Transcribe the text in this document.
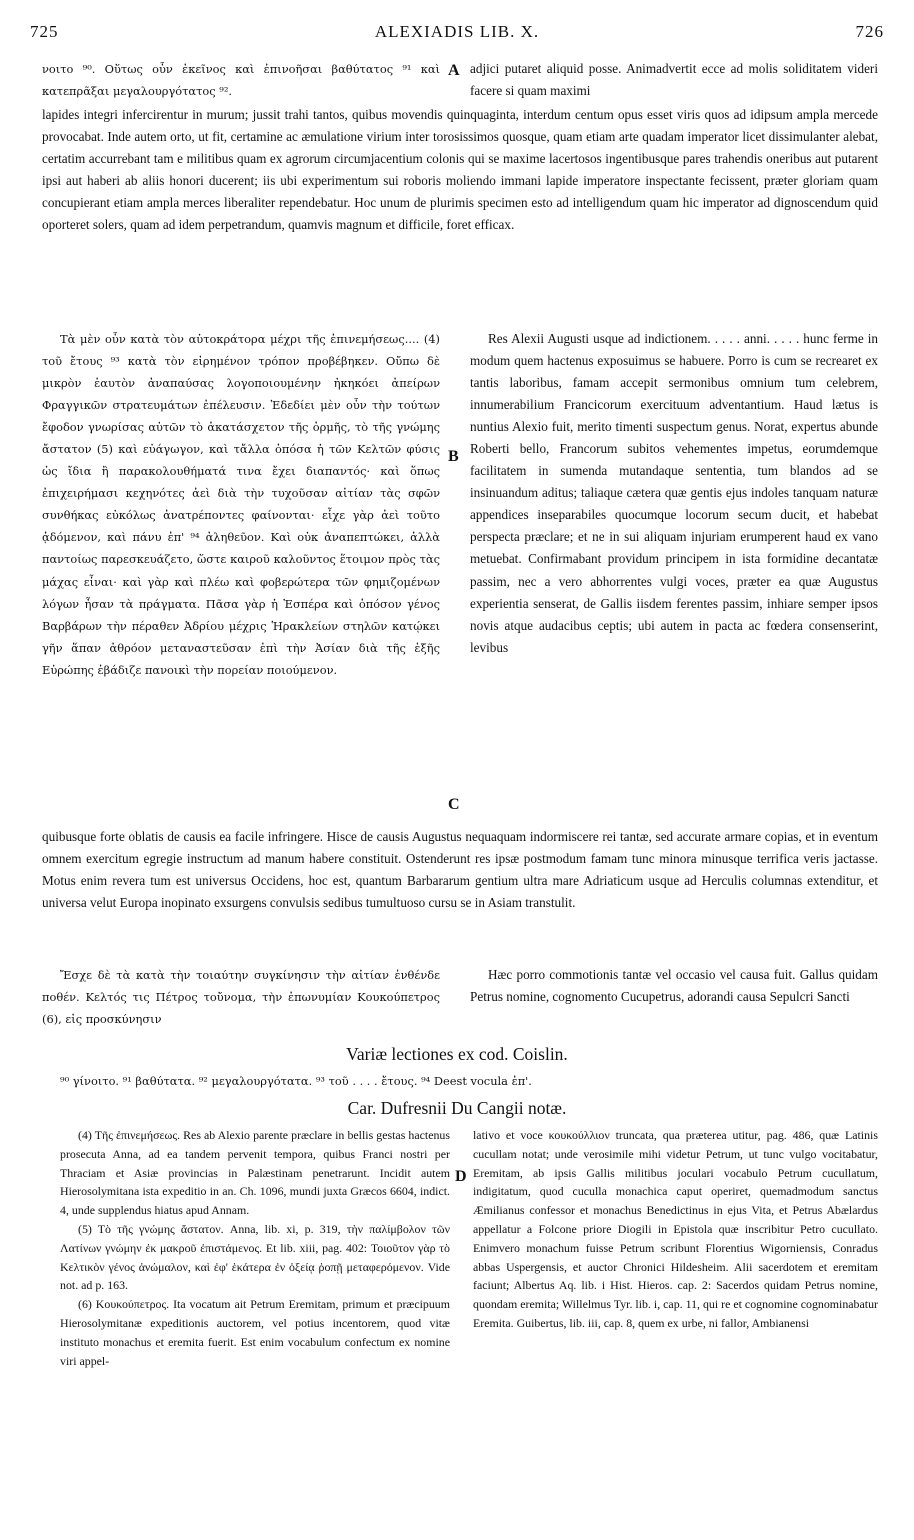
725	ALEXIADIS LIB. X.	726
νοιτο ⁹⁰. Οὕτως οὖν ἐκεῖνος καὶ ἐπινοῆσαι βαθύτατος ⁹¹ καὶ κατεπρᾶξαι μεγαλουργότατος ⁹².
A adjici putaret aliquid posse. Animadvertit ecce ad molis soliditatem videri facere si quam maximi
lapides integri infercirentur in murum; jussit trahi tantos, quibus movendis quinquaginta, interdum centum opus esset viris quos ad idipsum ampla mercede provocabat. Inde autem orto, ut fit, certamine ac æmulatione virium inter torosissimos quosque, quam etiam arte quadam imperator licet dissimulanter alebat, certatim accurrebant tam e militibus quam ex agrorum circumjacentium colonis qui se maxime lacertosos ingentibusque pares trahendis oneribus aut putarent ipsi aut haberi ab aliis honori ducerent; iis ubi experimentum sui roboris moliendo immani lapide imperatore inspectante fecissent, præter gloriam quam concupierant etiam ampla merces liberaliter rependebatur. Hoc unum de plurimis specimen esto ad intelligendum quam hic imperator ad dignoscendum quid oporteret solers, quam ad idem perpetrandum, quamvis magnum et difficile, foret efficax.
Τὰ μὲν οὖν κατὰ τὸν αὐτοκράτορα μέχρι τῆς ἐπινεμήσεως.... (4) τοῦ ἔτους ⁹³ κατὰ τὸν εἰρημένον τρόπον προβέβηκεν. Οὔπω δὲ μικρὸν ἑαυτὸν ἀναπαύσας λογοποιουμένην ἠκηκόει ἀπείρων Φραγγικῶν στρατευμάτων ἐπέλευσιν. Ἐδεδίει μὲν οὖν τὴν τούτων ἔφοδον γνωρίσας αὐτῶν τὸ ἀκατάσχετον τῆς ὁρμῆς, τὸ τῆς γνώμης ἄστατον (5) καὶ εὐάγωγον, καὶ τἄλλα ὁπόσα ἡ τῶν Κελτῶν φύσις ὡς ἴδια ἢ παρακολουθήματά τινα ἔχει διαπαντός· καὶ ὅπως ἐπιχειρήμασι κεχηνότες ἀεὶ διὰ τὴν τυχοῦσαν αἰτίαν τὰς σφῶν συνθήκας εὐκόλως ἀνατρέποντες φαίνονται· εἶχε γὰρ ἀεὶ τοῦτο ᾀδόμενον, καὶ πάνυ ἐπ' ⁹⁴ ἀληθεῦον. Καὶ οὐκ ἀναπεπτώκει, ἀλλὰ παντοίως παρεσκευάζετο, ὥστε καιροῦ καλοῦντος ἕτοιμον πρὸς τὰς μάχας εἶναι· καὶ γὰρ καὶ πλέω καὶ φοβερώτερα τῶν φημιζομένων λόγων ἦσαν τὰ πράγματα. Πᾶσα γὰρ ἡ Ἑσπέρα καὶ ὁπόσον γένος Βαρβάρων τὴν πέραθεν Ἀδρίου μέχρις Ἡρακλείων στηλῶν κατῴκει γῆν ἅπαν ἀθρόον μεταναστεῦσαν ἐπὶ τὴν Ἀσίαν διὰ τῆς ἑξῆς Εὐρώπης ἐβάδιζε πανοικὶ τὴν πορείαν ποιούμενον.
B
C
Res Alexii Augusti usque ad indictionem. . . . . anni. . . . . hunc ferme in modum quem hactenus exposuimus se habuere. Porro is cum se recrearet ex tantis laboribus, famam accepit sermonibus omnium tum celebrem, innumerabilium Francicorum exercituum adventantium. Haud lætus is nuntius Alexio fuit, merito timenti suspectum genus. Norat, expertus abunde Roberti bello, Francorum subitos vehementes impetus, eorumdemque facilitatem in sumenda mutandaque sententia, tum blandos ad se insinuandum aditus; taliaque cætera quæ gentis ejus indoles tanquam naturæ appendices inseparabiles quocumque locorum secum ducit, et habebat perspecta præclare; et ne in sui aliquam injuriam erumperent haud ex vano metuebat. Confirmabant providum principem in ista formidine decantatæ passim, nec a vero abhorrentes vulgi voces, præter ea quæ Augustus experientia senserat, de Gallis iisdem ferentes passim, inhiare semper ipsos novis atque audacibus ceptis; ubi autem in pacta ac fœdera consenserint, levibus
quibusque forte oblatis de causis ea facile infringere. Hisce de causis Augustus nequaquam indormiscere rei tantæ, sed accurate armare copias, et in eventum omnem exercitum egregie instructum ad manum habere constituit. Ostenderunt res ipsæ postmodum famam tunc minora minusque terrifica veris jactasse. Motus enim revera tum est universus Occidens, hoc est, quantum Barbararum gentium ultra mare Adriaticum usque ad Herculis columnas extenditur, et universa velut Europa inopinato exsurgens convulsis sedibus tumultuoso cursu se in Asiam transtulit.
Ἔσχε δὲ τὰ κατὰ τὴν τοιαύτην συγκίνησιν τὴν αἰτίαν ἐνθένδε ποθέν. Κελτός τις Πέτρος τοὔνομα, τὴν ἐπωνυμίαν Κουκούπετρος (6), εἰς προσκύνησιν
Hæc porro commotionis tantæ vel occasio vel causa fuit. Gallus quidam Petrus nomine, cognomento Cucupetrus, adorandi causa Sepulcri Sancti
Variæ lectiones ex cod. Coislin.
⁹⁰ γίνοιτο. ⁹¹ βαθύτατα. ⁹² μεγαλουργότατα. ⁹³ τοῦ . . . . ἔτους. ⁹⁴ Deest vocula ἐπ'.
Car. Dufresnii Du Cangii notæ.

(4) Τῆς ἐπινεμήσεως. Res ab Alexio parente præclare in bellis gestas hactenus prosecuta Anna, ad ea tandem pervenit tempora, quibus Franci nostri per Thraciam et Asiæ provincias in Palæstinam penetrarunt. Incidit autem Hierosolymitana ista expeditio in an. Ch. 1096, mundi juxta Græcos 6604, indict. 4, unde supplendus hiatus apud Annam.

(5) Τὸ τῆς γνώμης ἄστατον. Anna, lib. xi, p. 319, τὴν παλίμβολον τῶν Λατίνων γνώμην ἐκ μακροῦ ἐπιστάμενος. Et lib. xiii, pag. 402: Τοιοῦτον γὰρ τὸ Κελτικὸν γένος ἀνώμαλον, καὶ ἐφ' ἑκάτερα ἐν ὀξείᾳ ῥοπῇ μεταφερόμενον. Vide not. ad p. 163.

(6) Κουκούπετρος. Ita vocatum ait Petrum Eremitam, primum et præcipuum Hierosolymitanæ expeditionis auctorem, vel potius incentorem, quod vitæ instituto monachus et eremita fuerit. Est enim vocabulum confectum ex nomine viri appel-

D

lativo et voce κουκούλλιον truncata, qua præterea utitur, pag. 486, quæ Latinis cucullam notat; unde verosimile mihi videtur Petrum, ut tunc vulgo vocitabatur, Eremitam, ab ipsis Gallis militibus joculari vocabulo Petrum cucullatum, indigitatum, quod cuculla monachica caput operiret, quemadmodum sanctus Æmilianus confessor et monachus Benedictinus in ejus Vita, et Petrus Abælardus appellatur a Folcone priore Diogili in Epistola quæ inscribitur Petro cucullato. Enimvero monachum fuisse Petrum scribunt Florentius Wigorniensis, Conradus abbas Uspergensis, et auctor Chronici Hildesheim. Alii sacerdotem et eremitam faciunt; Albertus Aq. lib. i Hist. Hieros. cap. 2: Sacerdos quidam Petrus nomine, quondam eremita; Willelmus Tyr. lib. i, cap. 11, qui re et cognomine cognominabatur Eremita. Guibertus, lib. iii, cap. 8, quem ex urbe, ni fallor, Ambianensi
